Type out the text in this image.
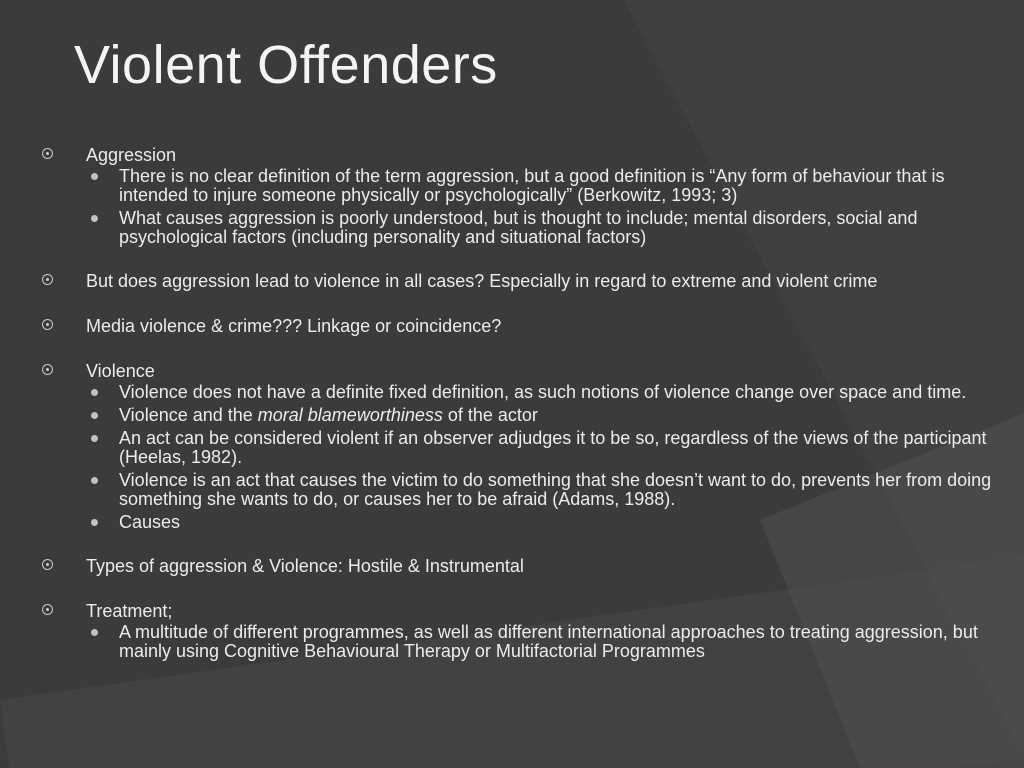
Violent Offenders
Aggression
There is no clear definition of the term aggression, but a good definition is “Any form of behaviour that is intended to injure someone physically or psychologically” (Berkowitz, 1993; 3)
What causes aggression is poorly understood, but is thought to include; mental disorders, social and psychological factors (including personality and situational factors)
But does aggression lead to violence in all cases? Especially in regard to extreme and violent crime
Media violence & crime??? Linkage or coincidence?
Violence
Violence does not have a definite fixed definition, as such notions of violence change over space and time.
Violence and the moral blameworthiness of the actor
An act can be considered violent if an observer adjudges it to be so, regardless of the views of the participant (Heelas, 1982).
Violence is an act that causes the victim to do something that she doesn’t want to do, prevents her from doing something she wants to do, or causes her to be afraid (Adams, 1988).
Causes
Types of aggression & Violence: Hostile & Instrumental
Treatment;
A multitude of different programmes, as well as different international approaches to treating aggression, but mainly using Cognitive Behavioural Therapy or Multifactorial Programmes
